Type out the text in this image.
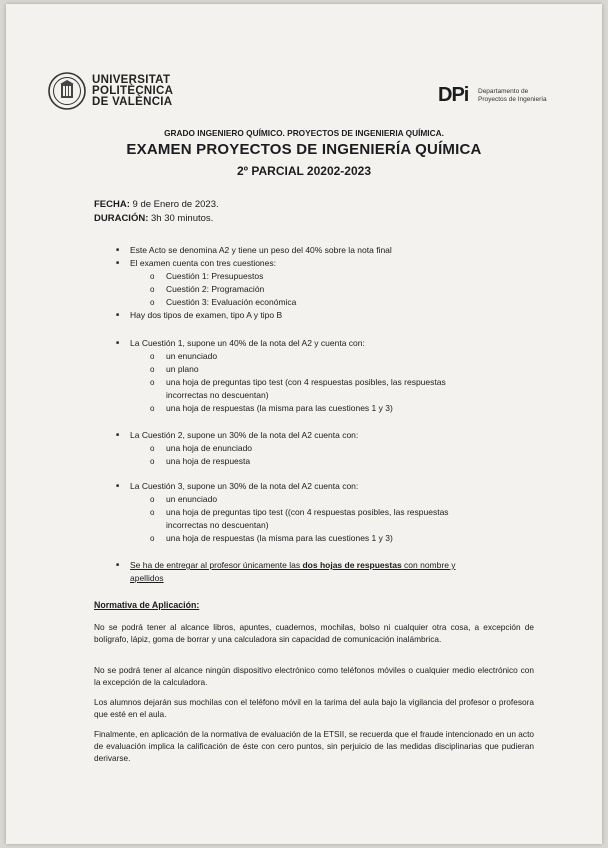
UNIVERSITAT
POLITÈCNICA
DE VALÈNCIA	DPi Departamento de
Proyectos de Ingeniería
GRADO INGENIERO QUÍMICO. PROYECTOS DE INGENIERIA QUÍMICA.
EXAMEN PROYECTOS DE INGENIERÍA QUÍMICA
2º PARCIAL 20202-2023
FECHA: 9 de Enero de 2023.
DURACIÓN: 3h 30 minutos.
■ Este Acto se denomina A2 y tiene un peso del 40% sobre la nota final
■ El examen cuenta con tres cuestiones:
o Cuestión 1: Presupuestos
o Cuestión 2: Programación
o Cuestión 3: Evaluación económica
■ Hay dos tipos de examen, tipo A y tipo B
■ La Cuestión 1, supone un 40% de la nota del A2 y cuenta con:
o un enunciado
o un plano
o una hoja de preguntas tipo test (con 4 respuestas posibles, las respuestas
incorrectas no descuentan)
o una hoja de respuestas (la misma para las cuestiones 1 y 3)
■ La Cuestión 2, supone un 30% de la nota del A2 cuenta con:
o una hoja de enunciado
o una hoja de respuesta
■ La Cuestión 3, supone un 30% de la nota del A2 cuenta con:
o un enunciado
o una hoja de preguntas tipo test ((con 4 respuestas posibles, las respuestas
incorrectas no descuentan)
o una hoja de respuestas (la misma para las cuestiones 1 y 3)
■ Se ha de entregar al profesor únicamente las dos hojas de respuestas con nombre y
apellidos
Normativa de Aplicación:
No se podrá tener al alcance libros, apuntes, cuadernos, mochilas, bolso ni cualquier otra cosa, a excepción de bolígrafo, lápiz, goma de borrar y una calculadora sin capacidad de comunicación inalámbrica.
No se podrá tener al alcance ningún dispositivo electrónico como teléfonos móviles o cualquier medio electrónico con la excepción de la calculadora.
Los alumnos dejarán sus mochilas con el teléfono móvil en la tarima del aula bajo la vigilancia del profesor o profesora que esté en el aula.
Finalmente, en aplicación de la normativa de evaluación de la ETSII, se recuerda que el fraude intencionado en un acto de evaluación implica la calificación de éste con cero puntos, sin perjuicio de las medidas disciplinarias que pudieran derivarse.
